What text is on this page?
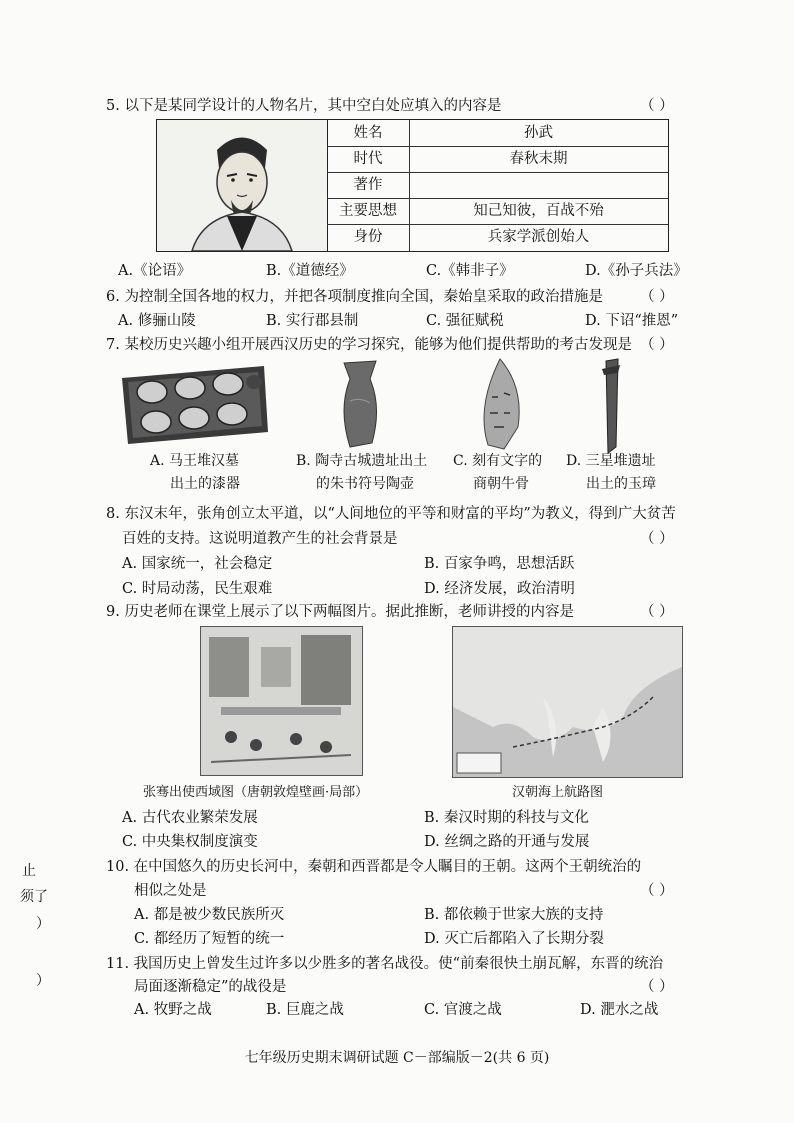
5. 以下是某同学设计的人物名片，其中空白处应填入的内容是	（ ）
姓名	孙武
时代	春秋末期
著作
主要思想	知己知彼，百战不殆
身份	兵家学派创始人
A.《论语》	B.《道德经》	C.《韩非子》	D.《孙子兵法》
6. 为控制全国各地的权力，并把各项制度推向全国，秦始皇采取的政治措施是	（ ）
A. 修骊山陵	B. 实行郡县制	C. 强征赋税	D. 下诏“推恩”
7. 某校历史兴趣小组开展西汉历史的学习探究，能够为他们提供帮助的考古发现是 （ ）
A. 马王堆汉墓
出土的漆器
B. 陶寺古城遗址出土
的朱书符号陶壶
C. 刻有文字的
商朝牛骨
D. 三星堆遗址
出土的玉璋
8. 东汉末年，张角创立太平道，以“人间地位的平等和财富的平均”为教义，得到广大贫苦
百姓的支持。这说明道教产生的社会背景是	（ ）
A. 国家统一，社会稳定	B. 百家争鸣，思想活跃
C. 时局动荡，民生艰难	D. 经济发展，政治清明
9. 历史老师在课堂上展示了以下两幅图片。据此推断，老师讲授的内容是	（ ）
张骞出使西域图（唐朝敦煌壁画·局部）	汉朝海上航路图
A. 古代农业繁荣发展	B. 秦汉时期的科技与文化
C. 中央集权制度演变	D. 丝绸之路的开通与发展
10. 在中国悠久的历史长河中，秦朝和西晋都是令人瞩目的王朝。这两个王朝统治的
相似之处是	（ ）
A. 都是被少数民族所灭	B. 都依赖于世家大族的支持
C. 都经历了短暂的统一	D. 灭亡后都陷入了长期分裂
11. 我国历史上曾发生过许多以少胜多的著名战役。使“前秦很快土崩瓦解，东晋的统治
局面逐渐稳定”的战役是	（ ）
A. 牧野之战	B. 巨鹿之战	C. 官渡之战	D. 淝水之战
止
须了
）
）
七年级历史期末调研试题 C－部编版－2(共 6 页)
